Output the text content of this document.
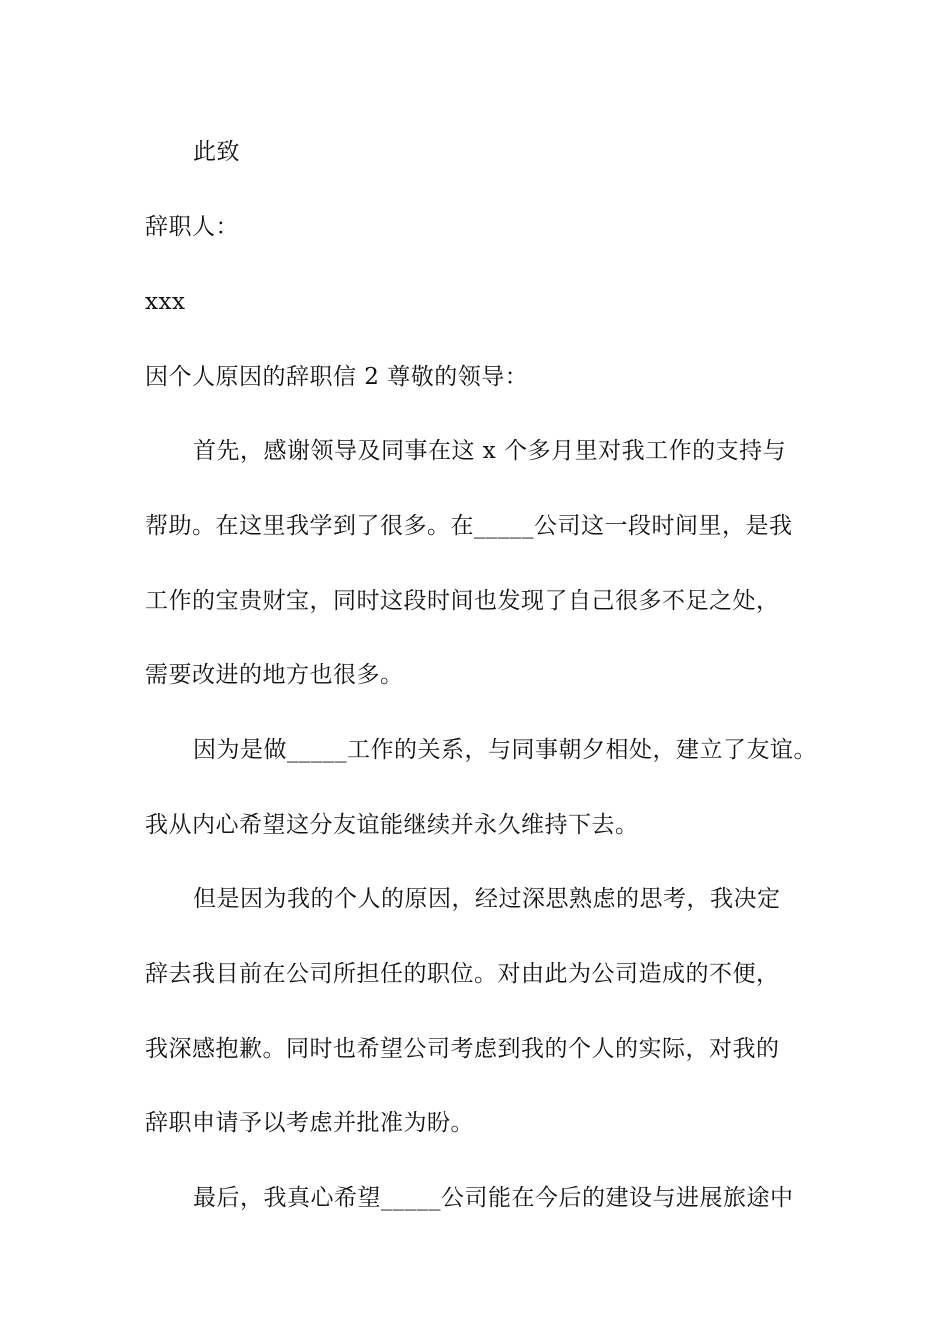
此致
辞职人：
xxx
因个人原因的辞职信 2 尊敬的领导：
首先，感谢领导及同事在这 x 个多月里对我工作的支持与
帮助。在这里我学到了很多。在_____公司这一段时间里，是我
工作的宝贵财宝，同时这段时间也发现了自己很多不足之处，
需要改进的地方也很多。
因为是做_____工作的关系，与同事朝夕相处，建立了友谊。
我从内心希望这分友谊能继续并永久维持下去。
但是因为我的个人的原因，经过深思熟虑的思考，我决定
辞去我目前在公司所担任的职位。对由此为公司造成的不便，
我深感抱歉。同时也希望公司考虑到我的个人的实际，对我的
辞职申请予以考虑并批准为盼。
最后，我真心希望_____公司能在今后的建设与进展旅途中
